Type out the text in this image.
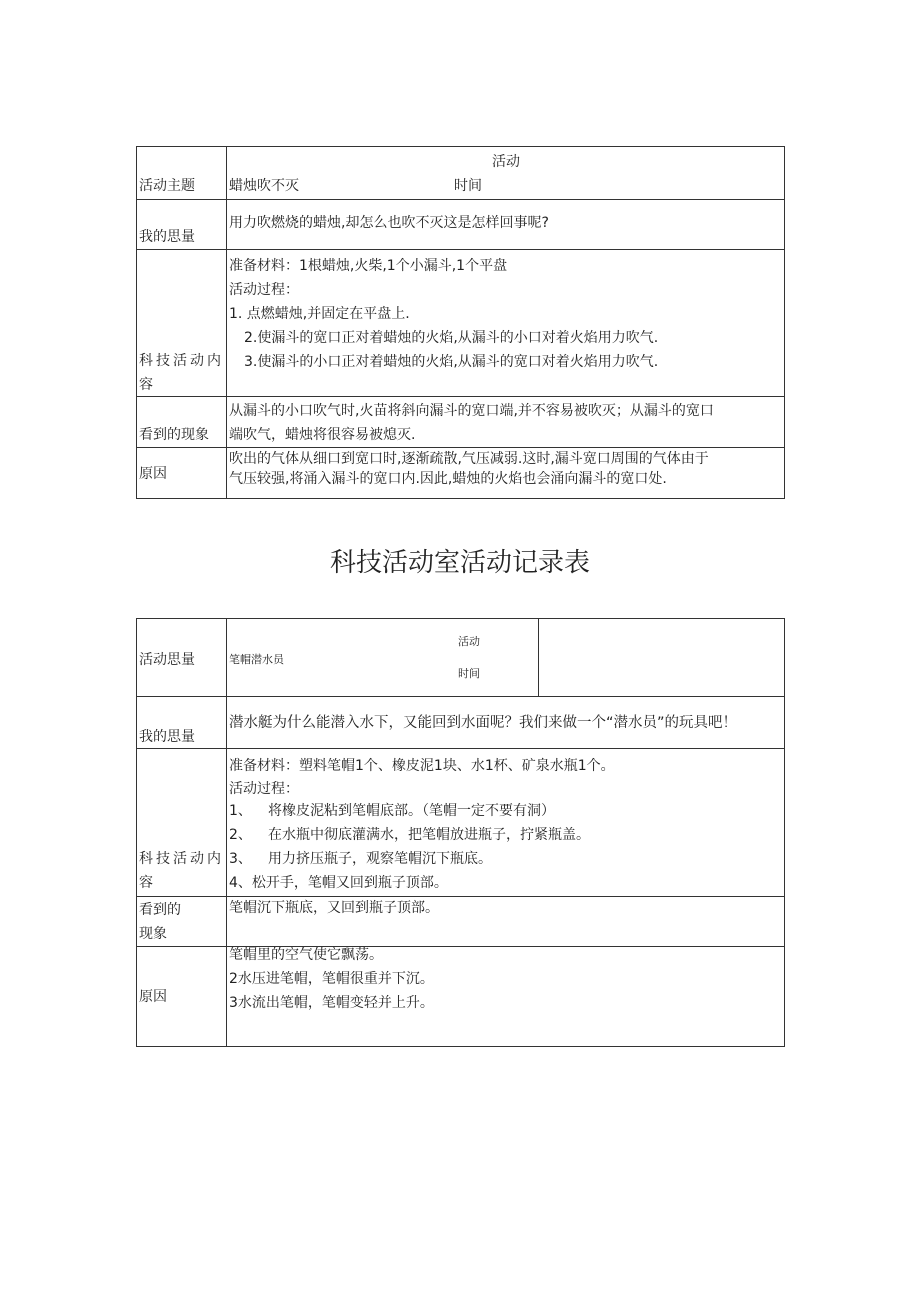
活动主题 蜡烛吹不灭
活动
时间
我的思量
用力吹燃烧的蜡烛,却怎么也吹不灭这是怎样回事呢?
科技活动内
容
准备材料：1根蜡烛,火柴,1个小漏斗,1个平盘
活动过程：
1. 点燃蜡烛,并固定在平盘上.
2.使漏斗的宽口正对着蜡烛的火焰,从漏斗的小口对着火焰用力吹气.
3.使漏斗的小口正对着蜡烛的火焰,从漏斗的宽口对着火焰用力吹气.
看到的现象
从漏斗的小口吹气时,火苗将斜向漏斗的宽口端,并不容易被吹灭；从漏斗的宽口
端吹气，蜡烛将很容易被熄灭.
原因
吹出的气体从细口到宽口时,逐渐疏散,气压减弱.这时,漏斗宽口周围的气体由于
气压较强,将涌入漏斗的宽口内.因此,蜡烛的火焰也会涌向漏斗的宽口处.
科技活动室活动记录表
活动思量	笔帽潜水员
活动
时间
我的思量
潜水艇为什么能潜入水下，又能回到水面呢？我们来做一个“潜水员”的玩具吧！
科技活动内
容
准备材料：塑料笔帽1个、橡皮泥1块、水1杯、矿泉水瓶1个。
活动过程：
1、 将橡皮泥粘到笔帽底部。（笔帽一定不要有洞）
2、 在水瓶中彻底灌满水，把笔帽放进瓶子，拧紧瓶盖。
3、 用力挤压瓶子，观察笔帽沉下瓶底。
4、松开手，笔帽又回到瓶子顶部。
看到的
现象
笔帽沉下瓶底，又回到瓶子顶部。
原因
笔帽里的空气使它飘荡。
2水压进笔帽，笔帽很重并下沉。
3水流出笔帽，笔帽变轻并上升。
